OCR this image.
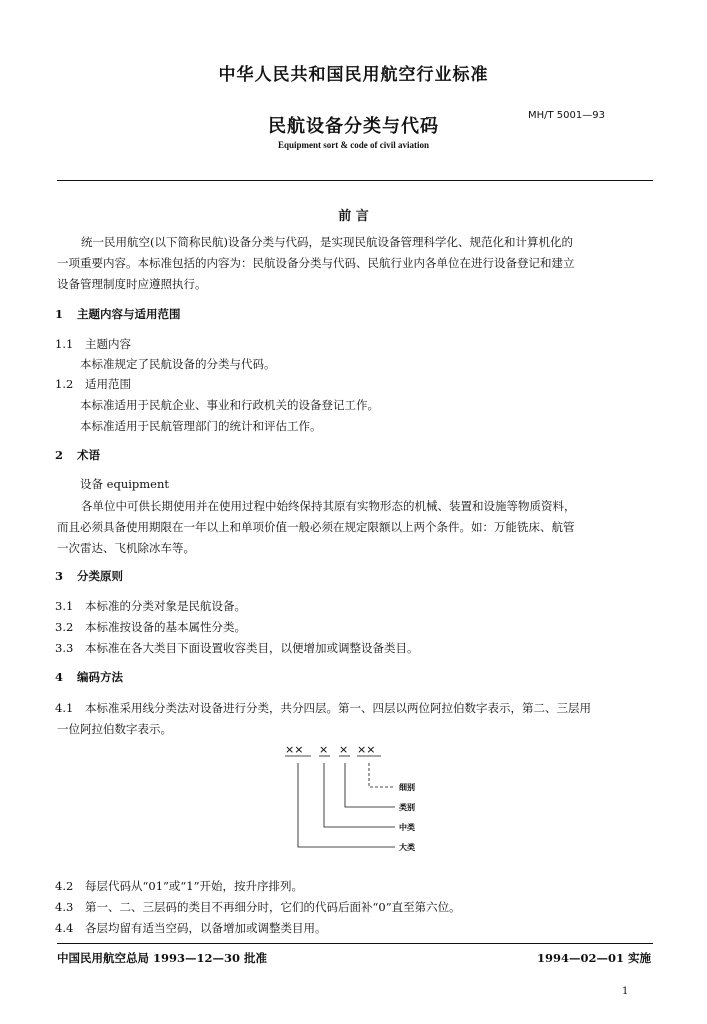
中华人民共和国民用航空行业标准
民航设备分类与代码
MH/T 5001—93
Equipment sort & code of civil aviation
前 言

统一民用航空(以下简称民航)设备分类与代码，是实现民航设备管理科学化、规范化和计算机化的

一项重要内容。本标准包括的内容为：民航设备分类与代码、民航行业内各单位在进行设备登记和建立

设备管理制度时应遵照执行。

1 主题内容与适用范围
1.1 主题内容
本标准规定了民航设备的分类与代码。
1.2 适用范围
本标准适用于民航企业、事业和行政机关的设备登记工作。
本标准适用于民航管理部门的统计和评估工作。
2 术语
设备 equipment

各单位中可供长期使用并在使用过程中始终保持其原有实物形态的机械、装置和设施等物质资料，

而且必须具备使用期限在一年以上和单项价值一般必须在规定限额以上两个条件。如：万能铣床、航管

一次雷达、飞机除冰车等。

3 分类原则
3.1 本标准的分类对象是民航设备。
3.2 本标准按设备的基本属性分类。
3.3 本标准在各大类目下面设置收容类目，以便增加或调整设备类目。
4 编码方法
4.1 本标准采用线分类法对设备进行分类，共分四层。第一、四层以两位阿拉伯数字表示，第二、三层用
一位阿拉伯数字表示。
×× × × ××
细别
类别
中类
大类
4.2 每层代码从“01”或“1”开始，按升序排列。
4.3 第一、二、三层码的类目不再细分时，它们的代码后面补“0”直至第六位。
4.4 各层均留有适当空码，以备增加或调整类目用。
中国民用航空总局 1993—12—30 批准	1994—02—01 实施
1
